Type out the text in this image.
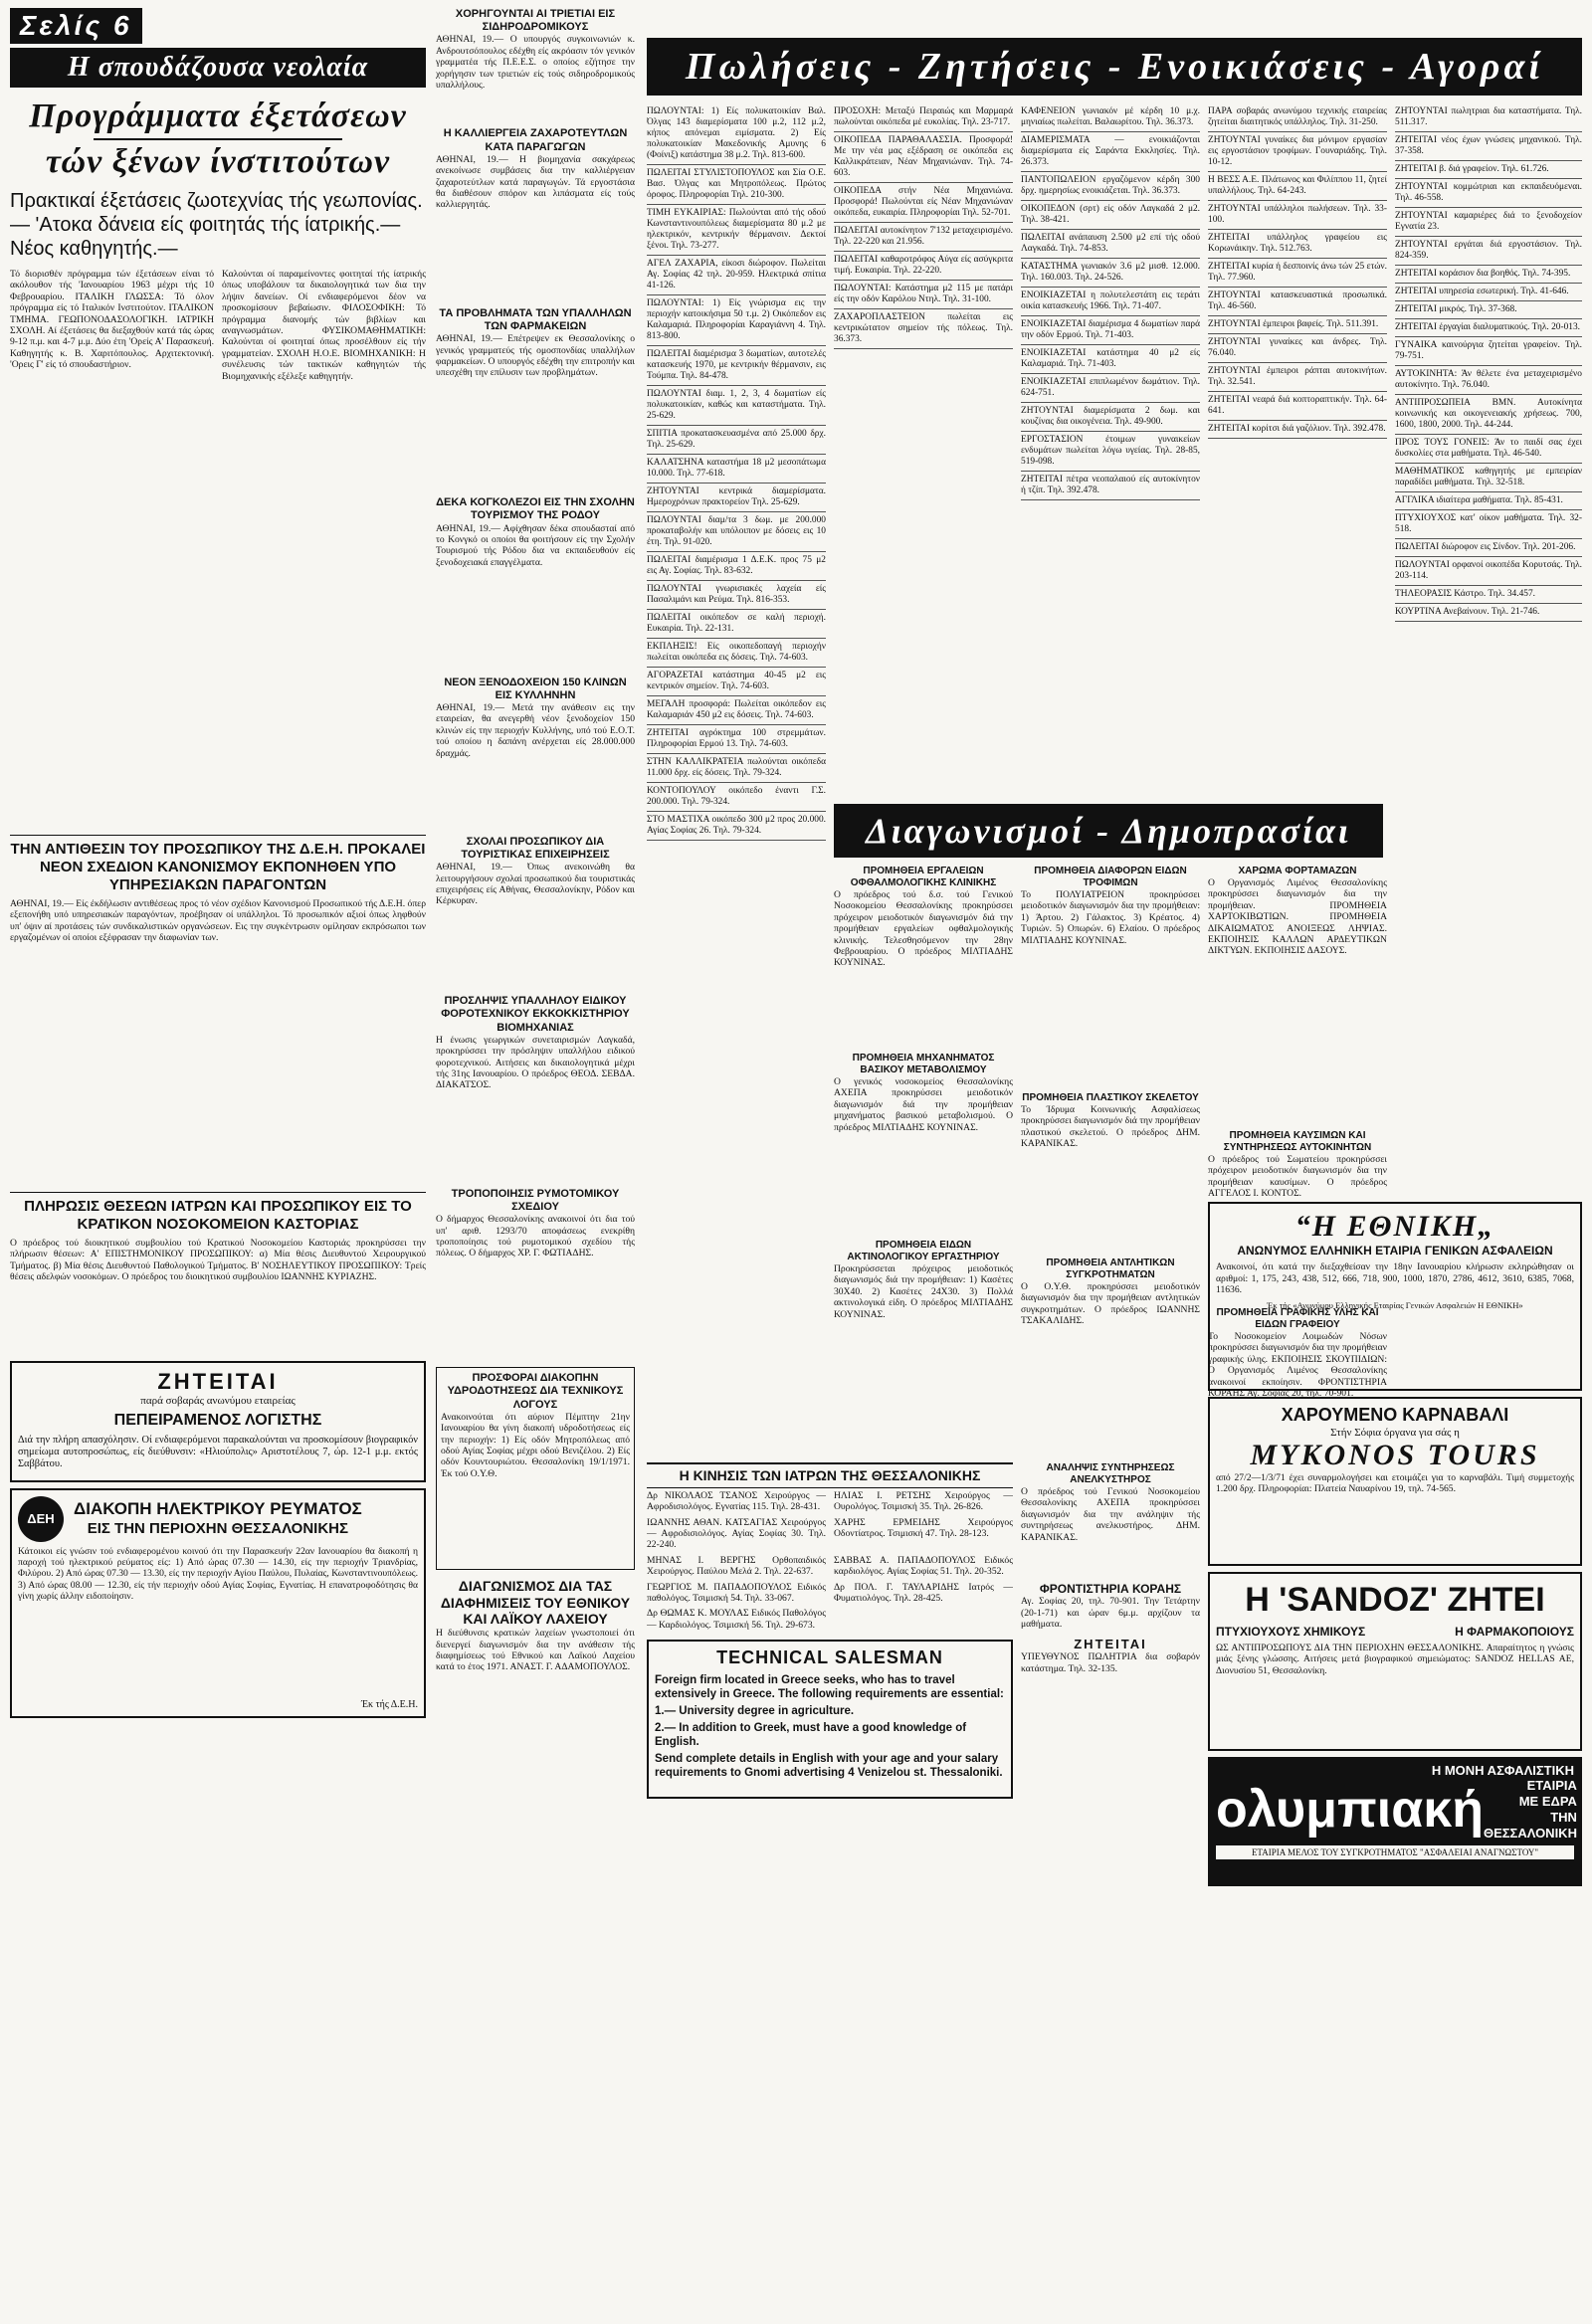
Σελίς 6
Η σπουδάζουσα νεολαία
Προγράμματα έξετάσεων
τών ξένων ίνστιτούτων
Πρακτικαί έξετάσεις ζωοτεχνίας τής γεωπονίας.— 'Ατοκα δάνεια είς φοιτητάς τής ίατρικής.— Νέος καθηγητής.—

Τό διορισθέν πρόγραμμα τών έξετάσεων είναι τό ακόλουθον τής 'Ιανουαρίου 1963 μέχρι τής 10 Φεβρουαρίου. ΙΤΑΛΙΚΗ ΓΛΩΣΣΑ: Τό όλον πρόγραμμα είς τό Ιταλικόν Ινστιτούτον. ΙΤΑΛΙΚΟΝ ΤΜΗΜΑ. ΓΕΩΠΟΝΟΔΑΣΟΛΟΓΙΚΗ. ΙΑΤΡΙΚΗ ΣΧΟΛΗ. Αί έξετάσεις θα διεξαχθούν κατά τάς ώρας 9-12 π.μ. και 4-7 μ.μ. Δύο έτη 'Ορείς Α' Παρασκευή. Καθηγητής κ. Β. Χαριτόπουλος. Αρχιτεκτονική. 'Ορεις Γ' είς τό σπουδαστήριον.

Καλούνται οί παραμείνοντες φοιτηταί τής ίατρικής όπως υποβάλουν τα δικαιολογητικά των δια την λήψιν δανείων. Οί ενδιαφερόμενοι δέον να προσκομίσουν βεβαίωσιν. ΦΙΛΟΣΟΦΙΚΗ: Τό πρόγραμμα διανομής τών βιβλίων και αναγνωσμάτων. ΦΥΣΙΚΟΜΑΘΗΜΑΤΙΚΗ: Καλούνται οί φοιτηταί όπως προσέλθουν είς τήν γραμματείαν. ΣΧΟΛΗ Η.Ο.Ε. ΒΙΟΜΗΧΑΝΙΚΗ: Η συνέλευσις τών τακτικών καθηγητών τής Βιομηχανικής εξέλεξε καθηγητήν.

ΤΗΝ ΑΝΤΙΘΕΣΙΝ ΤΟΥ ΠΡΟΣΩΠΙΚΟΥ ΤΗΣ Δ.Ε.Η. ΠΡΟΚΑΛΕΙ ΝΕΟΝ ΣΧΕΔΙΟΝ ΚΑΝΟΝΙΣΜΟΥ ΕΚΠΟΝΗΘΕΝ ΥΠΟ ΥΠΗΡΕΣΙΑΚΩΝ ΠΑΡΑΓΟΝΤΩΝ

ΑΘΗΝΑΙ, 19.— Είς έκδήλωσιν αντιθέσεως προς τό νέον σχέδιον Κανονισμού Προσωπικού τής Δ.Ε.Η. όπερ εξεπονήθη υπό υπηρεσιακών παραγόντων, προέβησαν οί υπάλληλοι. Τό προσωπικόν αξιοί όπως ληφθούν υπ' όψιν αί προτάσεις τών συνδικαλιστικών οργανώσεων. Εις την συγκέντρωσιν ομίλησαν εκπρόσωποι των εργαζομένων οί οποίοι εξέφρασαν την διαφωνίαν των.

ΠΛΗΡΩΣΙΣ ΘΕΣΕΩΝ ΙΑΤΡΩΝ ΚΑΙ ΠΡΟΣΩΠΙΚΟΥ ΕΙΣ ΤΟ ΚΡΑΤΙΚΟΝ ΝΟΣΟΚΟΜΕΙΟΝ ΚΑΣΤΟΡΙΑΣ

Ο πρόεδρος τού διοικητικού συμβουλίου τού Κρατικού Νοσοκομείου Καστοριάς προκηρύσσει την πλήρωσιν θέσεων: Α' ΕΠΙΣΤΗΜΟΝΙΚΟΥ ΠΡΟΣΩΠΙΚΟΥ: α) Μία θέσις Διευθυντού Χειρουργικού Τμήματος. β) Μία θέσις Διευθυντού Παθολογικού Τμήματος. Β' ΝΟΣΗΛΕΥΤΙΚΟΥ ΠΡΟΣΩΠΙΚΟΥ: Τρείς θέσεις αδελφών νοσοκόμων. Ο πρόεδρος του διοικητικού συμβουλίου ΙΩΑΝΝΗΣ ΚΥΡΙΑΖΗΣ.

ΖΗΤΕΙΤΑΙ
παρά σοβαράς ανωνύμου εταιρείας
ΠΕΠΕΙΡΑΜΕΝΟΣ ΛΟΓΙΣΤΗΣ

Διά την πλήρη απασχόλησιν. Οί ενδιαφερόμενοι παρακαλούνται να προσκομίσουν βιογραφικόν σημείωμα αυτοπροσώπως, είς διεύθυνσιν: «Ηλιούπολις» Αριστοτέλους 7, ώρ. 12-1 μ.μ. εκτός Σαββάτου.

ΔΕΗ
ΔΙΑΚΟΠΗ ΗΛΕΚΤΡΙΚΟΥ ΡΕΥΜΑΤΟΣ
ΕΙΣ ΤΗΝ ΠΕΡΙΟΧΗΝ ΘΕΣΣΑΛΟΝΙΚΗΣ

Κάτοικοι είς γνώσιν τού ενδιαφερομένου κοινού ότι την Παρασκευήν 22αν Ιανουαρίου θα διακοπή η παροχή τού ηλεκτρικού ρεύματος είς: 1) Από ώρας 07.30 — 14.30, είς την περιοχήν Τριανδρίας, Φιλύρου. 2) Από ώρας 07.30 — 13.30, είς την περιοχήν Αγίου Παύλου, Πυλαίας, Κωνσταντινουπόλεως. 3) Από ώρας 08.00 — 12.30, είς τήν περιοχήν οδού Αγίας Σοφίας, Εγνατίας. Η επανατροφοδότησις θα γίνη χωρίς άλλην ειδοποίησιν.

Έκ τής Δ.Ε.Η.
ΧΟΡΗΓΟΥΝΤΑΙ ΑΙ ΤΡΙΕΤΙΑΙ ΕΙΣ ΣΙΔΗΡΟΔΡΟΜΙΚΟΥΣ

ΑΘΗΝΑΙ, 19.— Ο υπουργός συγκοινωνιών κ. Ανδρουτσόπουλος εδέχθη είς ακρόασιν τόν γενικόν γραμματέα τής Π.Ε.Ε.Σ. ο οποίος εζήτησε την χορήγησιν των τριετιών είς τούς σιδηροδρομικούς υπαλλήλους.

Η ΚΑΛΛΙΕΡΓΕΙΑ ΖΑΧΑΡΟΤΕΥΤΛΩΝ ΚΑΤΑ ΠΑΡΑΓΩΓΩΝ

ΑΘΗΝΑΙ, 19.— Η βιομηχανία σακχάρεως ανεκοίνωσε συμβάσεις δια την καλλιέργειαν ζαχαροτεύτλων κατά παραγωγών. Τά εργοστάσια θα διαθέσουν σπόρον και λιπάσματα είς τούς καλλιεργητάς.

ΤΑ ΠΡΟΒΛΗΜΑΤΑ ΤΩΝ ΥΠΑΛΛΗΛΩΝ ΤΩΝ ΦΑΡΜΑΚΕΙΩΝ

ΑΘΗΝΑΙ, 19.— Επέτρεψεν εκ Θεσσαλονίκης ο γενικός γραμματεύς τής ομοσπονδίας υπαλλήλων φαρμακείων. Ο υπουργός εδέχθη την επιτροπήν και υπεσχέθη την επίλυσιν των προβλημάτων.

ΔΕΚΑ ΚΟΓΚΟΛΕΖΟΙ ΕΙΣ ΤΗΝ ΣΧΟΛΗΝ ΤΟΥΡΙΣΜΟΥ ΤΗΣ ΡΟΔΟΥ

ΑΘΗΝΑΙ, 19.— Αφίχθησαν δέκα σπουδασταί από το Κονγκό οι οποίοι θα φοιτήσουν είς την Σχολήν Τουρισμού τής Ρόδου δια να εκπαιδευθούν είς ξενοδοχειακά επαγγέλματα.

ΝΕΟΝ ΞΕΝΟΔΟΧΕΙΟΝ 150 ΚΛΙΝΩΝ ΕΙΣ ΚΥΛΛΗΝΗΝ

ΑΘΗΝΑΙ, 19.— Μετά την ανάθεσιν εις την εταιρείαν, θα ανεγερθή νέον ξενοδοχείον 150 κλινών είς την περιοχήν Κυλλήνης, υπό τού Ε.Ο.Τ. τού οποίου η δαπάνη ανέρχεται είς 28.000.000 δραχμάς.

ΣΧΟΛΑΙ ΠΡΟΣΩΠΙΚΟΥ ΔΙΑ ΤΟΥΡΙΣΤΙΚΑΣ ΕΠΙΧΕΙΡΗΣΕΙΣ

ΑΘΗΝΑΙ, 19.— Όπως ανεκοινώθη θα λειτουργήσουν σχολαί προσωπικού δια τουριστικάς επιχειρήσεις είς Αθήνας, Θεσσαλονίκην, Ρόδον και Κέρκυραν.

ΠΡΟΣΛΗΨΙΣ ΥΠΑΛΛΗΛΟΥ ΕΙΔΙΚΟΥ ΦΟΡΟΤΕΧΝΙΚΟΥ ΕΚΚΟΚΚΙΣΤΗΡΙΟΥ ΒΙΟΜΗΧΑΝΙΑΣ

Η ένωσις γεωργικών συνεταιρισμών Λαγκαδά, προκηρύσσει την πρόσληψιν υπαλλήλου ειδικού φοροτεχνικού. Αιτήσεις και δικαιολογητικά μέχρι τής 31ης Ιανουαρίου. Ο πρόεδρος ΘΕΟΔ. ΣΕΒΔΑ. ΔΙΑΚΑΤΣΟΣ.

ΤΡΟΠΟΠΟΙΗΣΙΣ ΡΥΜΟΤΟΜΙΚΟΥ ΣΧΕΔΙΟΥ

Ο δήμαρχος Θεσσαλονίκης ανακοινοί ότι δια τού υπ' αριθ. 1293/70 αποφάσεως ενεκρίθη τροποποίησις τού ρυμοτομικού σχεδίου τής πόλεως. Ο δήμαρχος ΧΡ. Γ. ΦΩΤΙΑΔΗΣ.

ΠΡΟΣΦΟΡΑΙ ΔΙΑΚΟΠΗΝ ΥΔΡΟΔΟΤΗΣΕΩΣ ΔΙΑ ΤΕΧΝΙΚΟΥΣ ΛΟΓΟΥΣ

Ανακοινούται ότι αύριον Πέμπτην 21ην Ιανουαρίου θα γίνη διακοπή υδροδοτήσεως είς την περιοχήν: 1) Είς οδόν Μητροπόλεως από οδού Αγίας Σοφίας μέχρι οδού Βενιζέλου. 2) Είς οδόν Κουντουριώτου. Θεσσαλονίκη 19/1/1971. Έκ τού Ο.Υ.Θ.

ΔΙΑΓΩΝΙΣΜΟΣ ΔΙΑ ΤΑΣ ΔΙΑΦΗΜΙΣΕΙΣ ΤΟΥ ΕΘΝΙΚΟΥ ΚΑΙ ΛΑΪΚΟΥ ΛΑΧΕΙΟΥ

Η διεύθυνσις κρατικών λαχείων γνωστοποιεί ότι διενεργεί διαγωνισμόν δια την ανάθεσιν τής διαφημίσεως τού Εθνικού και Λαϊκού Λαχείου κατά το έτος 1971. ΑΝΑΣΤ. Γ. ΑΔΑΜΟΠΟΥΛΟΣ.

Πωλήσεις - Ζητήσεις - Ενοικιάσεις - Αγοραί

ΠΩΛΟΥΝΤΑΙ: 1) Είς πολυκατοικίαν Βαλ. Όλγας 143 διαμερίσματα 100 μ.2, 112 μ.2, κήπος απόνεμαι ειμίσματα. 2) Είς πολυκατοικίαν Μακεδονικής Αμυνης 6 (Φοίνιξ) κατάστημα 38 μ.2. Τηλ. 813-600.

ΠΩΛΕΙΤΑΙ ΣΤΥΛΙΣΤΟΠΟΥΛΟΣ και Σία Ο.Ε. Βασ. Όλγας και Μητροπόλεως. Πρώτος όροφος. Πληροφορίαι Τηλ. 210-300.

ΤΙΜΗ ΕΥΚΑΙΡΙΑΣ: Πωλούνται από τής οδού Κωνσταντινουπόλεως διαμερίσματα 80 μ.2 με ηλεκτρικόν, κεντρικήν θέρμανσιν. Δεκτοί ξένοι. Τηλ. 73-277.

ΑΓΕΛ ΖΑΧΑΡΙΑ, είκοσι διώροφον. Πωλείται Αγ. Σοφίας 42 τηλ. 20-959. Ηλεκτρικά σπίτια 41-126.

ΠΩΛΟΥΝΤΑΙ: 1) Είς γνώρισμα εις την περιοχήν κατοικήσιμα 50 τ.μ. 2) Οικόπεδον εις Καλαμαριά. Πληροφορίαι Καραγιάννη 4. Τηλ. 813-800.

ΠΩΛΕΙΤΑΙ διαμέρισμα 3 δωματίων, αυτοτελές κατασκευής 1970, με κεντρικήν θέρμανσιν, εις Τούμπα. Τηλ. 84-478.

ΠΩΛΟΥΝΤΑΙ διαμ. 1, 2, 3, 4 δωματίων είς πολυκατοικίαν, καθώς και καταστήματα. Τηλ. 25-629.

ΣΠΙΤΙΑ προκατασκευασμένα από 25.000 δρχ. Τηλ. 25-629.

ΚΑΛΑΤΣΗΝΑ καταστήμα 18 μ2 μεσοπάτωμα 10.000. Τηλ. 77-618.

ΖΗΤΟΥΝΤΑΙ κεντρικά διαμερίσματα. Ημεροχρόνων πρακτορείον Τηλ. 25-629.

ΠΩΛΟΥΝΤΑΙ διαμ/τα 3 δωμ. με 200.000 προκαταβολήν και υπόλοιπον με δόσεις εις 10 έτη. Τηλ. 91-020.

ΠΩΛΕΙΤΑΙ διαμέρισμα 1 Δ.Ε.Κ. προς 75 μ2 εις Αγ. Σοφίας. Τηλ. 83-632.

ΠΩΛΟΥΝΤΑΙ γνωρισιακές λαχεία είς Πασαλιμάνι και Ρεύμα. Τηλ. 816-353.

ΠΩΛΕΙΤΑΙ οικόπεδον σε καλή περιοχή. Ευκαιρία. Τηλ. 22-131.

ΕΚΠΛΗΞΙΣ! Είς οικοπεδοπαγή περιοχήν πωλείται οικόπεδα εις δόσεις. Τηλ. 74-603.

ΑΓΟΡΑΖΕΤΑΙ κατάστημα 40-45 μ2 εις κεντρικόν σημείον. Τηλ. 74-603.

ΜΕΓΑΛΗ προσφορά: Πωλείται οικόπεδον εις Καλαμαριάν 450 μ2 εις δόσεις. Τηλ. 74-603.

ΖΗΤΕΙΤΑΙ αγρόκτημα 100 στρεμμάτων. Πληροφορίαι Ερμού 13. Τηλ. 74-603.

ΣΤΗΝ ΚΑΛΛΙΚΡΑΤΕΙΑ πωλούνται οικόπεδα 11.000 δρχ. είς δόσεις. Τηλ. 79-324.

ΚΟΝΤΟΠΟΥΛΟΥ οικόπεδο έναντι Γ.Σ. 200.000. Τηλ. 79-324.

ΣΤΟ ΜΑΣΤΙΧΑ οικόπεδο 300 μ2 προς 20.000. Αγίας Σοφίας 26. Τηλ. 79-324.

ΠΡΟΣΟΧΗ: Μεταξύ Πειραιώς και Μαρμαρά πωλούνται οικόπεδα μέ ευκολίας. Τηλ. 23-717.

ΟΙΚΟΠΕΔΑ ΠΑΡΑΘΑΛΑΣΣΙΑ. Προσφορά! Με την νέα μας εξέδραση σε οικόπεδα εις Καλλικράτειαν, Νέαν Μηχανιώναν. Τηλ. 74-603.

ΟΙΚΟΠΕΔΑ στήν Νέα Μηχανιώνα. Προσφορά! Πωλούνται είς Νέαν Μηχανιώναν οικόπεδα, ευκαιρία. Πληροφορίαι Τηλ. 52-701.

ΠΩΛΕΙΤΑΙ αυτοκίνητον 7'132 μεταχειρισμένο. Τηλ. 22-220 και 21.956.

ΠΩΛΕΙΤΑΙ καθαροτρόφος Αύγα είς ασύγκριτα τιμή. Ευκαιρία. Τηλ. 22-220.

ΠΩΛΟΥΝΤΑΙ: Κατάστημα μ2 115 με πατάρι είς την οδόν Καρόλου Ντηλ. Τηλ. 31-100.

ΖΑΧΑΡΟΠΛΑΣΤΕΙΟΝ πωλείται εις κεντρικώτατον σημείον τής πόλεως. Τηλ. 36.373.

ΚΑΦΕΝΕΙΟΝ γωνιακόν μέ κέρδη 10 μ.χ. μηνιαίως πωλείται. Βαλαωρίτου. Τηλ. 36.373.

ΔΙΑΜΕΡΙΣΜΑΤΑ — ενοικιάζονται διαμερίσματα είς Σαράντα Εκκλησίες. Τηλ. 26.373.

ΠΑΝΤΟΠΩΛΕΙΟΝ εργαζόμενον κέρδη 300 δρχ. ημερησίως ενοικιάζεται. Τηλ. 36.373.

ΟΙΚΟΠΕΔΟΝ (σρτ) είς οδόν Λαγκαδά 2 μ2. Τηλ. 38-421.

ΠΩΛΕΙΤΑΙ ανάπαυση 2.500 μ2 επί τής οδού Λαγκαδά. Τηλ. 74-853.

ΚΑΤΑΣΤΗΜΑ γωνιακόν 3.6 μ2 μισθ. 12.000. Τηλ. 160.003. Τηλ. 24-526.

ΕΝΟΙΚΙΑΖΕΤΑΙ η πολυτελεστάτη εις τεράτι οικία κατασκευής 1966. Τηλ. 71-407.

ΕΝΟΙΚΙΑΖΕΤΑΙ διαμέρισμα 4 δωματίων παρά την οδόν Ερμού. Τηλ. 71-403.

ΕΝΟΙΚΙΑΖΕΤΑΙ κατάστημα 40 μ2 είς Καλαμαριά. Τηλ. 71-403.

ΕΝΟΙΚΙΑΖΕΤΑΙ επιπλωμένον δωμάτιον. Τηλ. 624-751.

ΖΗΤΟΥΝΤΑΙ διαμερίσματα 2 δωμ. και κουζίνας δια οικογένεια. Τηλ. 49-900.

ΕΡΓΟΣΤΑΣΙΟΝ έτοιμων γυναικείων ενδυμάτων πωλείται λόγω υγείας. Τηλ. 28-85, 519-098.

ΖΗΤΕΙΤΑΙ πέτρα νεοπαλαιού είς αυτοκίνητον ή τζίπ. Τηλ. 392.478.

ΠΑΡΑ σοβαράς ανωνύμου τεχνικής εταιρείας ζητείται διαιτητικός υπάλληλος. Τηλ. 31-250.

ΖΗΤΟΥΝΤΑΙ γυναίκες δια μόνιμον εργασίαν εις εργοστάσιον τροφίμων. Γουναριάδης. Τηλ. 10-12.

Η ΒΕΣΣ Α.Ε. Πλάτωνος και Φιλίππου 11, ζητεί υπαλλήλους. Τηλ. 64-243.

ΖΗΤΟΥΝΤΑΙ υπάλληλοι πωλήσεων. Τηλ. 33-100.

ΖΗΤΕΙΤΑΙ υπάλληλος γραφείου εις Κορωνάικην. Τηλ. 512.763.

ΖΗΤΕΙΤΑΙ κυρία ή δεσποινίς άνω τών 25 ετών. Τηλ. 77.960.

ΖΗΤΟΥΝΤΑΙ κατασκευαστικά προσωπικά. Τηλ. 46-560.

ΖΗΤΟΥΝΤΑΙ έμπειροι βαφείς. Τηλ. 511.391.

ΖΗΤΟΥΝΤΑΙ γυναίκες και άνδρες. Τηλ. 76.040.

ΖΗΤΟΥΝΤΑΙ έμπειροι ράπται αυτοκινήτων. Τηλ. 32.541.

ΖΗΤΕΙΤΑΙ νεαρά διά κοπτοραπτικήν. Τηλ. 64-641.

ΖΗΤΕΙΤΑΙ κορίτσι διά γαζόλιον. Τηλ. 392.478.

ΖΗΤΟΥΝΤΑΙ πωλητριαι δια καταστήματα. Τηλ. 511.317.

ΖΗΤΕΙΤΑΙ νέος έχων γνώσεις μηχανικού. Τηλ. 37-358.

ΖΗΤΕΙΤΑΙ β. διά γραφείον. Τηλ. 61.726.

ΖΗΤΟΥΝΤΑΙ κομμώτριαι και εκπαιδευόμεναι. Τηλ. 46-558.

ΖΗΤΟΥΝΤΑΙ καμαριέρες διά το ξενοδοχείον Εγνατία 23.

ΖΗΤΟΥΝΤΑΙ εργάται διά εργοστάσιον. Τηλ. 824-359.

ΖΗΤΕΙΤΑΙ κοράσιον δια βοηθός. Τηλ. 74-395.

ΖΗΤΕΙΤΑΙ υπηρεσία εσωτερική. Τηλ. 41-646.

ΖΗΤΕΙΤΑΙ μικρός. Τηλ. 37-368.

ΖΗΤΕΙΤΑΙ έργαγίαι διαλυματικούς. Τηλ. 20-013.

ΓΥΝΑΙΚΑ καινούργια ζητείται γραφείον. Τηλ. 79-751.

ΑΥΤΟΚΙΝΗΤΑ: Άν θέλετε ένα μεταχειρισμένο αυτοκίνητο. Τηλ. 76.040.

ΑΝΤΙΠΡΟΣΩΠΕΙΑ ΒΜΝ. Αυτοκίνητα κοινωνικής και οικογενειακής χρήσεως. 700, 1600, 1800, 2000. Τηλ. 44-244.

ΠΡΟΣ ΤΟΥΣ ΓΟΝΕΙΣ: Άν το παιδί σας έχει δυσκολίες στα μαθήματα. Τηλ. 46-540.

ΜΑΘΗΜΑΤΙΚΟΣ καθηγητής με εμπειρίαν παραδίδει μαθήματα. Τηλ. 32-518.

ΑΓΓΛΙΚΑ ιδιαίτερα μαθήματα. Τηλ. 85-431.

ΠΤΥΧΙΟΥΧΟΣ κατ' οίκον μαθήματα. Τηλ. 32-518.

ΠΩΛΕΙΤΑΙ διώροφον εις Σίνδον. Τηλ. 201-206.

ΠΩΛΟΥΝΤΑΙ ορφανοί οικοπέδα Κορυτσάς. Τηλ. 203-114.

ΤΗΛΕΟΡΑΣΙΣ Κάστρο. Τηλ. 34.457.

ΚΟΥΡΤΙΝΑ Ανεβαίνουν. Τηλ. 21-746.

Διαγωνισμοί - Δημοπρασίαι
ΠΡΟΜΗΘΕΙΑ ΕΡΓΑΛΕΙΩΝ ΟΦΘΑΛΜΟΛΟΓΙΚΗΣ ΚΛΙΝΙΚΗΣ

Ο πρόεδρος τού δ.σ. τού Γενικού Νοσοκομείου Θεσσαλονίκης προκηρύσσει πρόχειρον μειοδοτικόν διαγωνισμόν διά την προμήθειαν εργαλείων οφθαλμολογικής κλινικής. Τελεσθησόμενον την 28ην Φεβρουαρίου. Ο πρόεδρος ΜΙΛΤΙΑΔΗΣ ΚΟΥΝΙΝΑΣ.

ΠΡΟΜΗΘΕΙΑ ΜΗΧΑΝΗΜΑΤΟΣ ΒΑΣΙΚΟΥ ΜΕΤΑΒΟΛΙΣΜΟΥ

Ο γενικός νοσοκομείος Θεσσαλονίκης ΑΧΕΠΑ προκηρύσσει μειοδοτικόν διαγωνισμόν διά την προμήθειαν μηχανήματος βασικού μεταβολισμού. Ο πρόεδρος ΜΙΛΤΙΑΔΗΣ ΚΟΥΝΙΝΑΣ.

ΠΡΟΜΗΘΕΙΑ ΕΙΔΩΝ ΑΚΤΙΝΟΛΟΓΙΚΟΥ ΕΡΓΑΣΤΗΡΙΟΥ

Προκηρύσσεται πρόχειρος μειοδοτικός διαγωνισμός διά την προμήθειαν: 1) Κασέτες 30Χ40. 2) Κασέτες 24Χ30. 3) Πολλά ακτινολογικά είδη. Ο πρόεδρος ΜΙΛΤΙΑΔΗΣ ΚΟΥΝΙΝΑΣ.

ΠΡΟΜΗΘΕΙΑ ΔΙΑΦΟΡΩΝ ΕΙΔΩΝ ΤΡΟΦΙΜΩΝ

Το ΠΟΛΥΙΑΤΡΕΙΟΝ προκηρύσσει μειοδοτικόν διαγωνισμόν δια την προμήθειαν: 1) Άρτου. 2) Γάλακτος. 3) Κρέατος. 4) Τυριών. 5) Οπωρών. 6) Ελαίου. Ο πρόεδρος ΜΙΛΤΙΑΔΗΣ ΚΟΥΝΙΝΑΣ.

ΠΡΟΜΗΘΕΙΑ ΠΛΑΣΤΙΚΟΥ ΣΚΕΛΕΤΟΥ

Το Ίδρυμα Κοινωνικής Ασφαλίσεως προκηρύσσει διαγωνισμόν διά την προμήθειαν πλαστικού σκελετού. Ο πρόεδρος ΔΗΜ. ΚΑΡΑΝΙΚΑΣ.

ΠΡΟΜΗΘΕΙΑ ΑΝΤΛΗΤΙΚΩΝ ΣΥΓΚΡΟΤΗΜΑΤΩΝ

Ο Ο.Υ.Θ. προκηρύσσει μειοδοτικόν διαγωνισμόν δια την προμήθειαν αντλητικών συγκροτημάτων. Ο πρόεδρος ΙΩΑΝΝΗΣ ΤΣΑΚΑΛΙΔΗΣ.

ΧΑΡΩΜΑ ΦΟΡΤΑΜΑΖΩΝ

Ο Οργανισμός Λιμένος Θεσσαλονίκης προκηρύσσει διαγωνισμόν δια την προμήθειαν. ΠΡΟΜΗΘΕΙΑ ΧΑΡΤΟΚΙΒΩΤΙΩΝ. ΠΡΟΜΗΘΕΙΑ ΔΙΚΑΙΩΜΑΤΟΣ ΑΝΟΙΞΕΩΣ ΛΗΨΙΑΣ. ΕΚΠΟΙΗΣΙΣ ΚΑΛΛΩΝ ΑΡΔΕΥΤΙΚΩΝ ΔΙΚΤΥΩΝ. ΕΚΠΟΙΗΣΙΣ ΔΑΣΟΥΣ.

ΠΡΟΜΗΘΕΙΑ ΚΑΥΣΙΜΩΝ ΚΑΙ ΣΥΝΤΗΡΗΣΕΩΣ ΑΥΤΟΚΙΝΗΤΩΝ

Ο πρόεδρος τού Σωματείου προκηρύσσει πρόχειρον μειοδοτικόν διαγωνισμόν δια την προμήθειαν καυσίμων. Ο πρόεδρος ΑΓΓΕΛΟΣ Ι. ΚΟΝΤΟΣ.

ΠΡΟΜΗΘΕΙΑ ΓΡΑΦΙΚΗΣ ΥΛΗΣ ΚΑΙ ΕΙΔΩΝ ΓΡΑΦΕΙΟΥ

Το Νοσοκομείον Λοιμωδών Νόσων προκηρύσσει διαγωνισμόν δια την προμήθειαν γραφικής ύλης. ΕΚΠΟΙΗΣΙΣ ΣΚΟΥΠΙΔΙΩΝ: Ο Οργανισμός Λιμένος Θεσσαλονίκης ανακοινοί εκποίησιν. ΦΡΟΝΤΙΣΤΗΡΙΑ ΚΟΡΑΗΣ Αγ. Σοφίας 20, τηλ. 70-901.

Η ΚΙΝΗΣΙΣ ΤΩΝ ΙΑΤΡΩΝ ΤΗΣ ΘΕΣΣΑΛΟΝΙΚΗΣ

Δρ ΝΙΚΟΛΑΟΣ ΤΣΑΝΟΣ Χειρούργος — Αφροδισιολόγος. Εγνατίας 115. Τηλ. 28-431.

ΗΛΙΑΣ Ι. ΡΕΤΣΗΣ Χειρούργος — Ουρολόγος. Τσιμισκή 35. Τηλ. 26-826.

ΙΩΑΝΝΗΣ ΑΘΑΝ. ΚΑΤΣΑΓΙΑΣ Χειρούργος — Αφροδισιολόγος. Αγίας Σοφίας 30. Τηλ. 22-240.

ΧΑΡΗΣ ΕΡΜΕΙΔΗΣ Χειρούργος Οδοντίατρος. Τσιμισκή 47. Τηλ. 28-123.

ΜΗΝΑΣ Ι. ΒΕΡΓΗΣ Ορθοπαιδικός Χειρούργος. Παύλου Μελά 2. Τηλ. 22-637.

ΣΑΒΒΑΣ Α. ΠΑΠΑΔΟΠΟΥΛΟΣ Ειδικός καρδιολόγος. Αγίας Σοφίας 51. Τηλ. 20-352.

ΓΕΩΡΓΙΟΣ Μ. ΠΑΠΑΔΟΠΟΥΛΟΣ Ειδικός παθολόγος. Τσιμισκή 54. Τηλ. 33-067.

Δρ ΠΟΛ. Γ. ΤΑΥΛΑΡΙΔΗΣ Ιατρός — Φυματιολόγος. Τηλ. 28-425.

Δρ ΘΩΜΑΣ Κ. ΜΟΥΛΑΣ Ειδικός Παθολόγος — Καρδιολόγος. Τσιμισκή 56. Τηλ. 29-673.

TECHNICAL SALESMAN

Foreign firm located in Greece seeks, who has to travel extensively in Greece. The following requirements are essential:

1.— University degree in agriculture.

2.— In addition to Greek, must have a good knowledge of English.

Send complete details in English with your age and your salary requirements to Gnomi advertising 4 Venizelou st. Thessaloniki.

ΑΝΑΛΗΨΙΣ ΣΥΝΤΗΡΗΣΕΩΣ ΑΝΕΛΚΥΣΤΗΡΟΣ

Ο πρόεδρος τού Γενικού Νοσοκομείου Θεσσαλονίκης ΑΧΕΠΑ προκηρύσσει διαγωνισμόν δια την ανάληψιν τής συντηρήσεως ανελκυστήρος. ΔΗΜ. ΚΑΡΑΝΙΚΑΣ.

ΦΡΟΝΤΙΣΤΗΡΙΑ ΚΟΡΑΗΣ

Αγ. Σοφίας 20, τηλ. 70-901. Την Τετάρτην (20-1-71) και ώραν 6μ.μ. αρχίζουν τα μαθήματα.

ΖΗΤΕΙΤΑΙ

ΥΠΕΥΘΥΝΟΣ ΠΩΛΗΤΡΙΑ δια σοβαρόν κατάστημα. Τηλ. 32-135.

“Η ΕΘΝΙΚΗ„
ΑΝΩΝΥΜΟΣ ΕΛΛΗΝΙΚΗ ΕΤΑΙΡΙΑ ΓΕΝΙΚΩΝ ΑΣΦΑΛΕΙΩΝ

Ανακοινοί, ότι κατά την διεξαχθείσαν την 18ην Ιανουαρίου κλήρωσιν εκληρώθησαν οι αριθμοί: 1, 175, 243, 438, 512, 666, 718, 900, 1000, 1870, 2786, 4612, 3610, 6385, 7068, 11636.

Έκ τής «Ανωνύμου Ελληνικής Εταιρίας Γενικών Ασφαλειών Η ΕΘΝΙΚΗ»
ΧΑΡΟΥΜΕΝΟ ΚΑΡΝΑΒΑΛΙ
Στήν Σόφια όργανα για σάς η
MYKONOS TOURS

από 27/2—1/3/71 έχει συναρμολογήσει και ετοιμάζει για το καρναβάλι. Τιμή συμμετοχής 1.200 δρχ. Πληροφορίαι: Πλατεία Ναυαρίνου 19, τηλ. 74-565.

Η 'SANDOZ' ΖΗΤΕΙ
ΠΤΥΧΙΟΥΧΟΥΣ ΧΗΜΙΚΟΥΣ	Η ΦΑΡΜΑΚΟΠΟΙΟΥΣ

ΩΣ ΑΝΤΙΠΡΟΣΩΠΟΥΣ ΔΙΑ ΤΗΝ ΠΕΡΙΟΧΗΝ ΘΕΣΣΑΛΟΝΙΚΗΣ. Απαραίτητος η γνώσις μιάς ξένης γλώσσης. Αιτήσεις μετά βιογραφικού σημειώματος: SANDOZ HELLAS AE, Διονυσίου 51, Θεσσαλονίκη.

Η ΜΟΝΗ ΑΣΦΑΛΙΣΤΙΚΗ
ολυμπιακή	ΕΤΑΙΡΙΑ
ΜΕ ΕΔΡΑ
ΤΗΝ ΘΕΣΣΑΛΟΝΙΚΗ
ΕΤΑΙΡΙΑ ΜΕΛΟΣ ΤΟΥ ΣΥΓΚΡΟΤΗΜΑΤΟΣ "ΑΣΦΑΛΕΙΑΙ ΑΝΑΓΝΩΣΤΟΥ"
